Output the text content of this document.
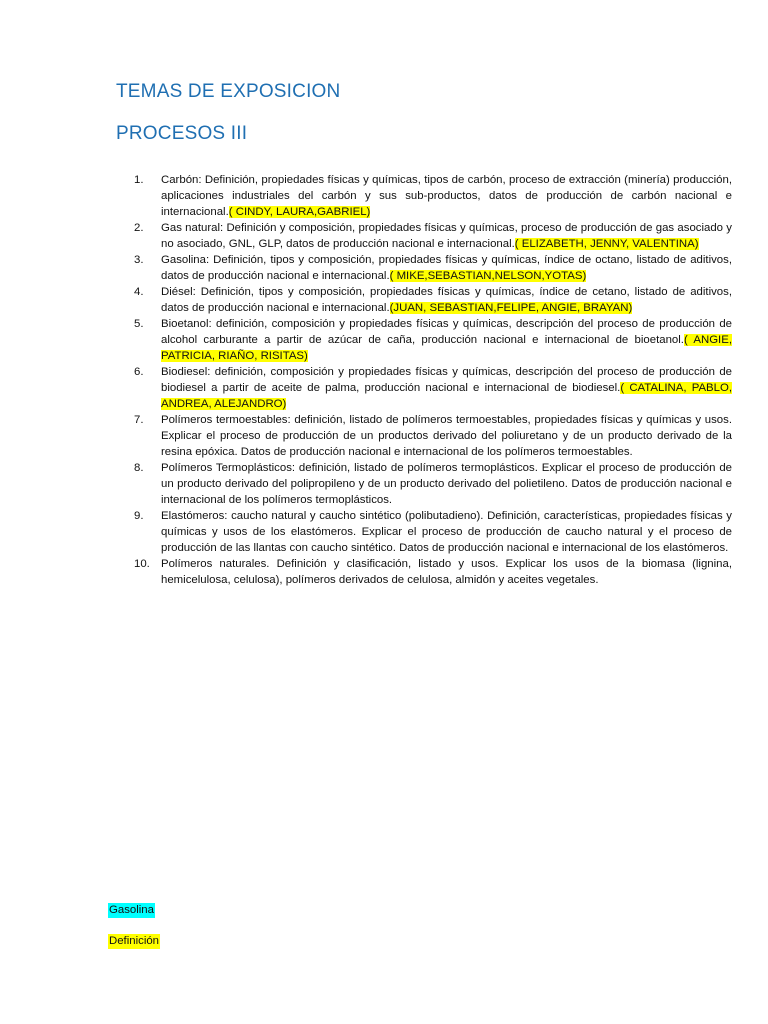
TEMAS DE EXPOSICION
PROCESOS III
1. Carbón: Definición, propiedades físicas y químicas, tipos de carbón, proceso de extracción (minería) producción, aplicaciones industriales del carbón y sus sub-productos, datos de producción de carbón nacional e internacional.( CINDY, LAURA,GABRIEL)
2. Gas natural: Definición y composición, propiedades físicas y químicas, proceso de producción de gas asociado y no asociado, GNL, GLP, datos de producción nacional e internacional.( ELIZABETH, JENNY, VALENTINA)
3. Gasolina: Definición, tipos y composición, propiedades físicas y químicas, índice de octano, listado de aditivos, datos de producción nacional e internacional.( MIKE,SEBASTIAN,NELSON,YOTAS)
4. Diésel: Definición, tipos y composición, propiedades físicas y químicas, índice de cetano, listado de aditivos, datos de producción nacional e internacional.(JUAN, SEBASTIAN,FELIPE, ANGIE, BRAYAN)
5. Bioetanol: definición, composición y propiedades físicas y químicas, descripción del proceso de producción de alcohol carburante a partir de azúcar de caña, producción nacional e internacional de bioetanol.( ANGIE, PATRICIA, RIAÑO, RISITAS)
6. Biodiesel: definición, composición y propiedades físicas y químicas, descripción del proceso de producción de biodiesel a partir de aceite de palma, producción nacional e internacional de biodiesel.( CATALINA, PABLO, ANDREA, ALEJANDRO)
7. Polímeros termoestables: definición, listado de polímeros termoestables, propiedades físicas y químicas y usos. Explicar el proceso de producción de un productos derivado del poliuretano y de un producto derivado de la resina epóxica. Datos de producción nacional e internacional de los polímeros termoestables.
8. Polímeros Termoplásticos: definición, listado de polímeros termoplásticos. Explicar el proceso de producción de un producto derivado del polipropileno y de un producto derivado del polietileno. Datos de producción nacional e internacional de los polímeros termoplásticos.
9. Elastómeros: caucho natural y caucho sintético (polibutadieno). Definición, características, propiedades físicas y químicas y usos de los elastómeros. Explicar el proceso de producción de caucho natural y el proceso de producción de las llantas con caucho sintético. Datos de producción nacional e internacional de los elastómeros.
10. Polímeros naturales. Definición y clasificación, listado y usos. Explicar los usos de la biomasa (lignina, hemicelulosa, celulosa), polímeros derivados de celulosa, almidón y aceites vegetales.
Gasolina
Definición
